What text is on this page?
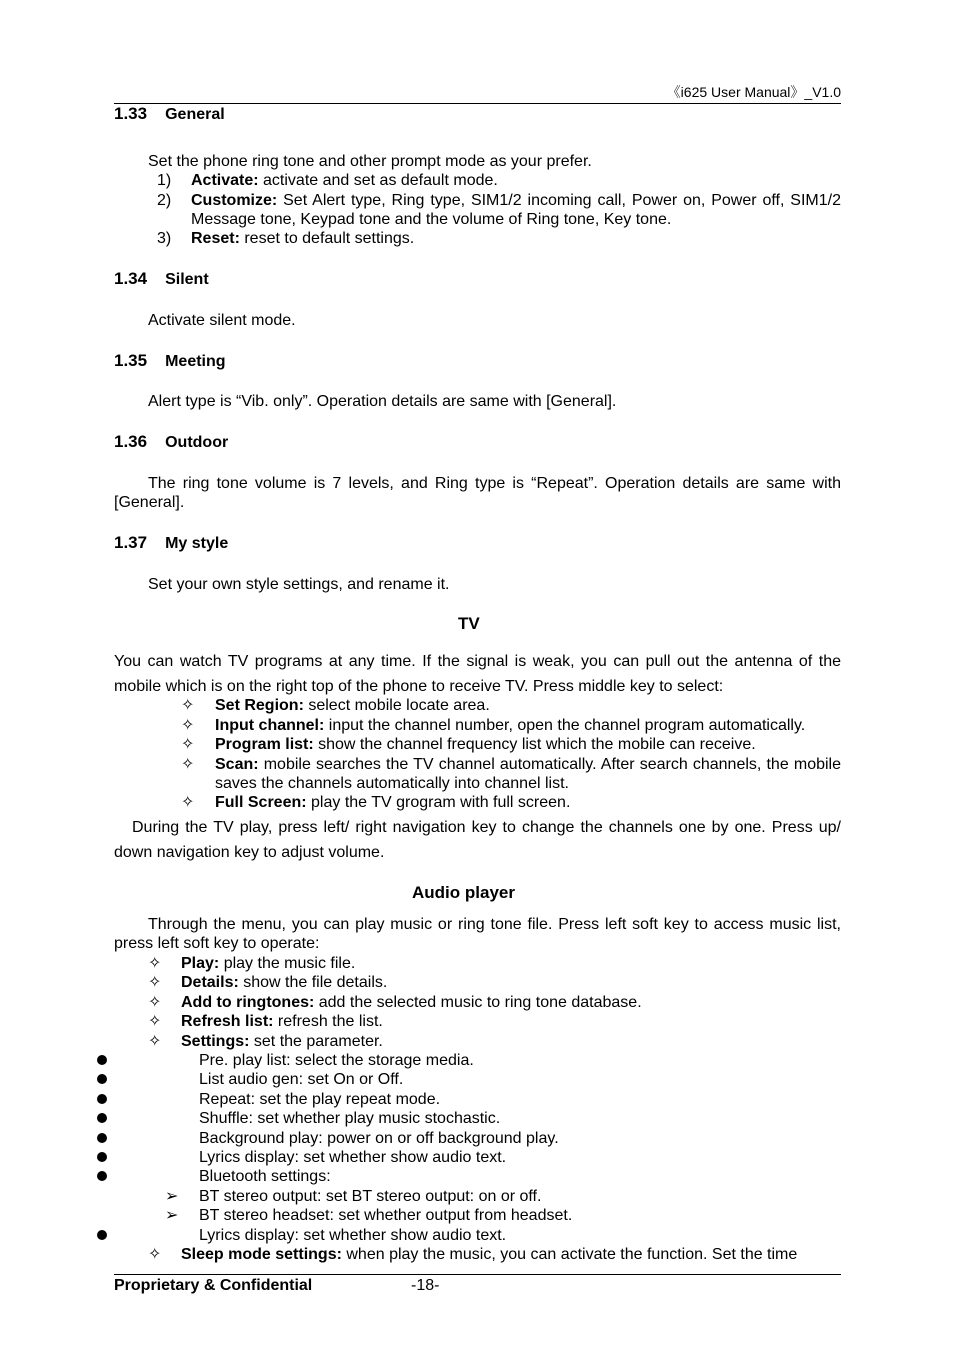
《i625 User Manual》_V1.0
1.33 General
Set the phone ring tone and other prompt mode as your prefer.
1) Activate: activate and set as default mode.
2) Customize: Set Alert type, Ring type, SIM1/2 incoming call, Power on, Power off, SIM1/2 Message tone, Keypad tone and the volume of Ring tone, Key tone.
3) Reset: reset to default settings.
1.34 Silent
Activate silent mode.
1.35 Meeting
Alert type is “Vib. only”. Operation details are same with [General].
1.36 Outdoor
The ring tone volume is 7 levels, and Ring type is “Repeat”. Operation details are same with [General].
1.37 My style
Set your own style settings, and rename it.
TV
You can watch TV programs at any time. If the signal is weak, you can pull out the antenna of the mobile which is on the right top of the phone to receive TV. Press middle key to select:
✧ Set Region: select mobile locate area.
✧ Input channel: input the channel number, open the channel program automatically.
✧ Program list: show the channel frequency list which the mobile can receive.
✧ Scan: mobile searches the TV channel automatically. After search channels, the mobile saves the channels automatically into channel list.
✧ Full Screen: play the TV grogram with full screen.
During the TV play, press left/ right navigation key to change the channels one by one. Press up/ down navigation key to adjust volume.
Audio player
Through the menu, you can play music or ring tone file. Press left soft key to access music list, press left soft key to operate:
✧ Play: play the music file.
✧ Details: show the file details.
✧ Add to ringtones: add the selected music to ring tone database.
✧ Refresh list: refresh the list.
✧ Settings: set the parameter.
Pre. play list: select the storage media.
List audio gen: set On or Off.
Repeat: set the play repeat mode.
Shuffle: set whether play music stochastic.
Background play: power on or off background play.
Lyrics display: set whether show audio text.
Bluetooth settings:
➢ BT stereo output: set BT stereo output: on or off.
➢ BT stereo headset: set whether output from headset.
Lyrics display: set whether show audio text.
✧ Sleep mode settings: when play the music, you can activate the function. Set the time
Proprietary & Confidential	-18-
